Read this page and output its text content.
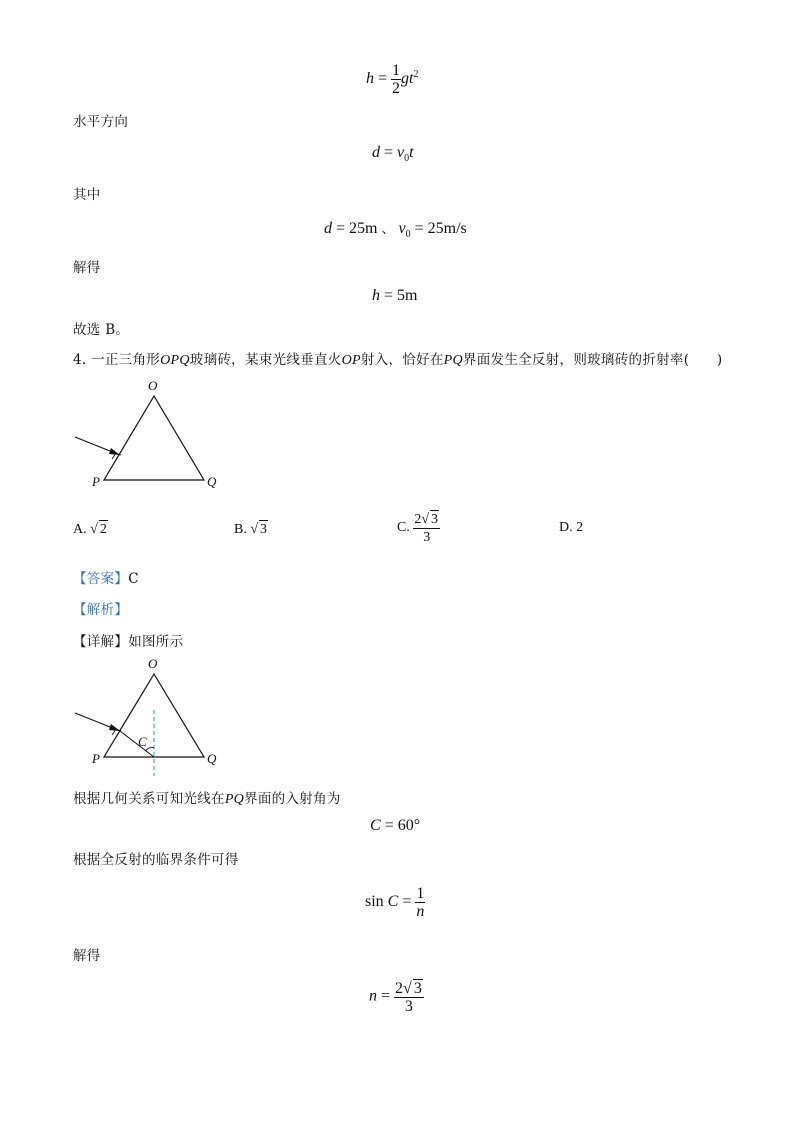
$h = \frac{1}{2} gt^2$
水平方向
$d = v_0t$
其中
d = 25m 、 $v_0 = 25m/s$
解得
h = 5m
故选 B。
4. 一正三角形OPQ玻璃砖，某束光线垂直火OP射入，恰好在PQ界面发生全反射，则玻璃砖的折射率(　　)
O
P	Q
A. √ 2	B. √ 3	C. $\frac{2√ 3}{3}$	D. 2
【答案】C
【解析】
【详解】如图所示
C
O
P	Q
根据几何关系可知光线在PQ界面的入射角为
C = 60°
根据全反射的临界条件可得
$\sin C = \frac{1}{n}$
解得
$n = \frac{2√ 3}{3}$
